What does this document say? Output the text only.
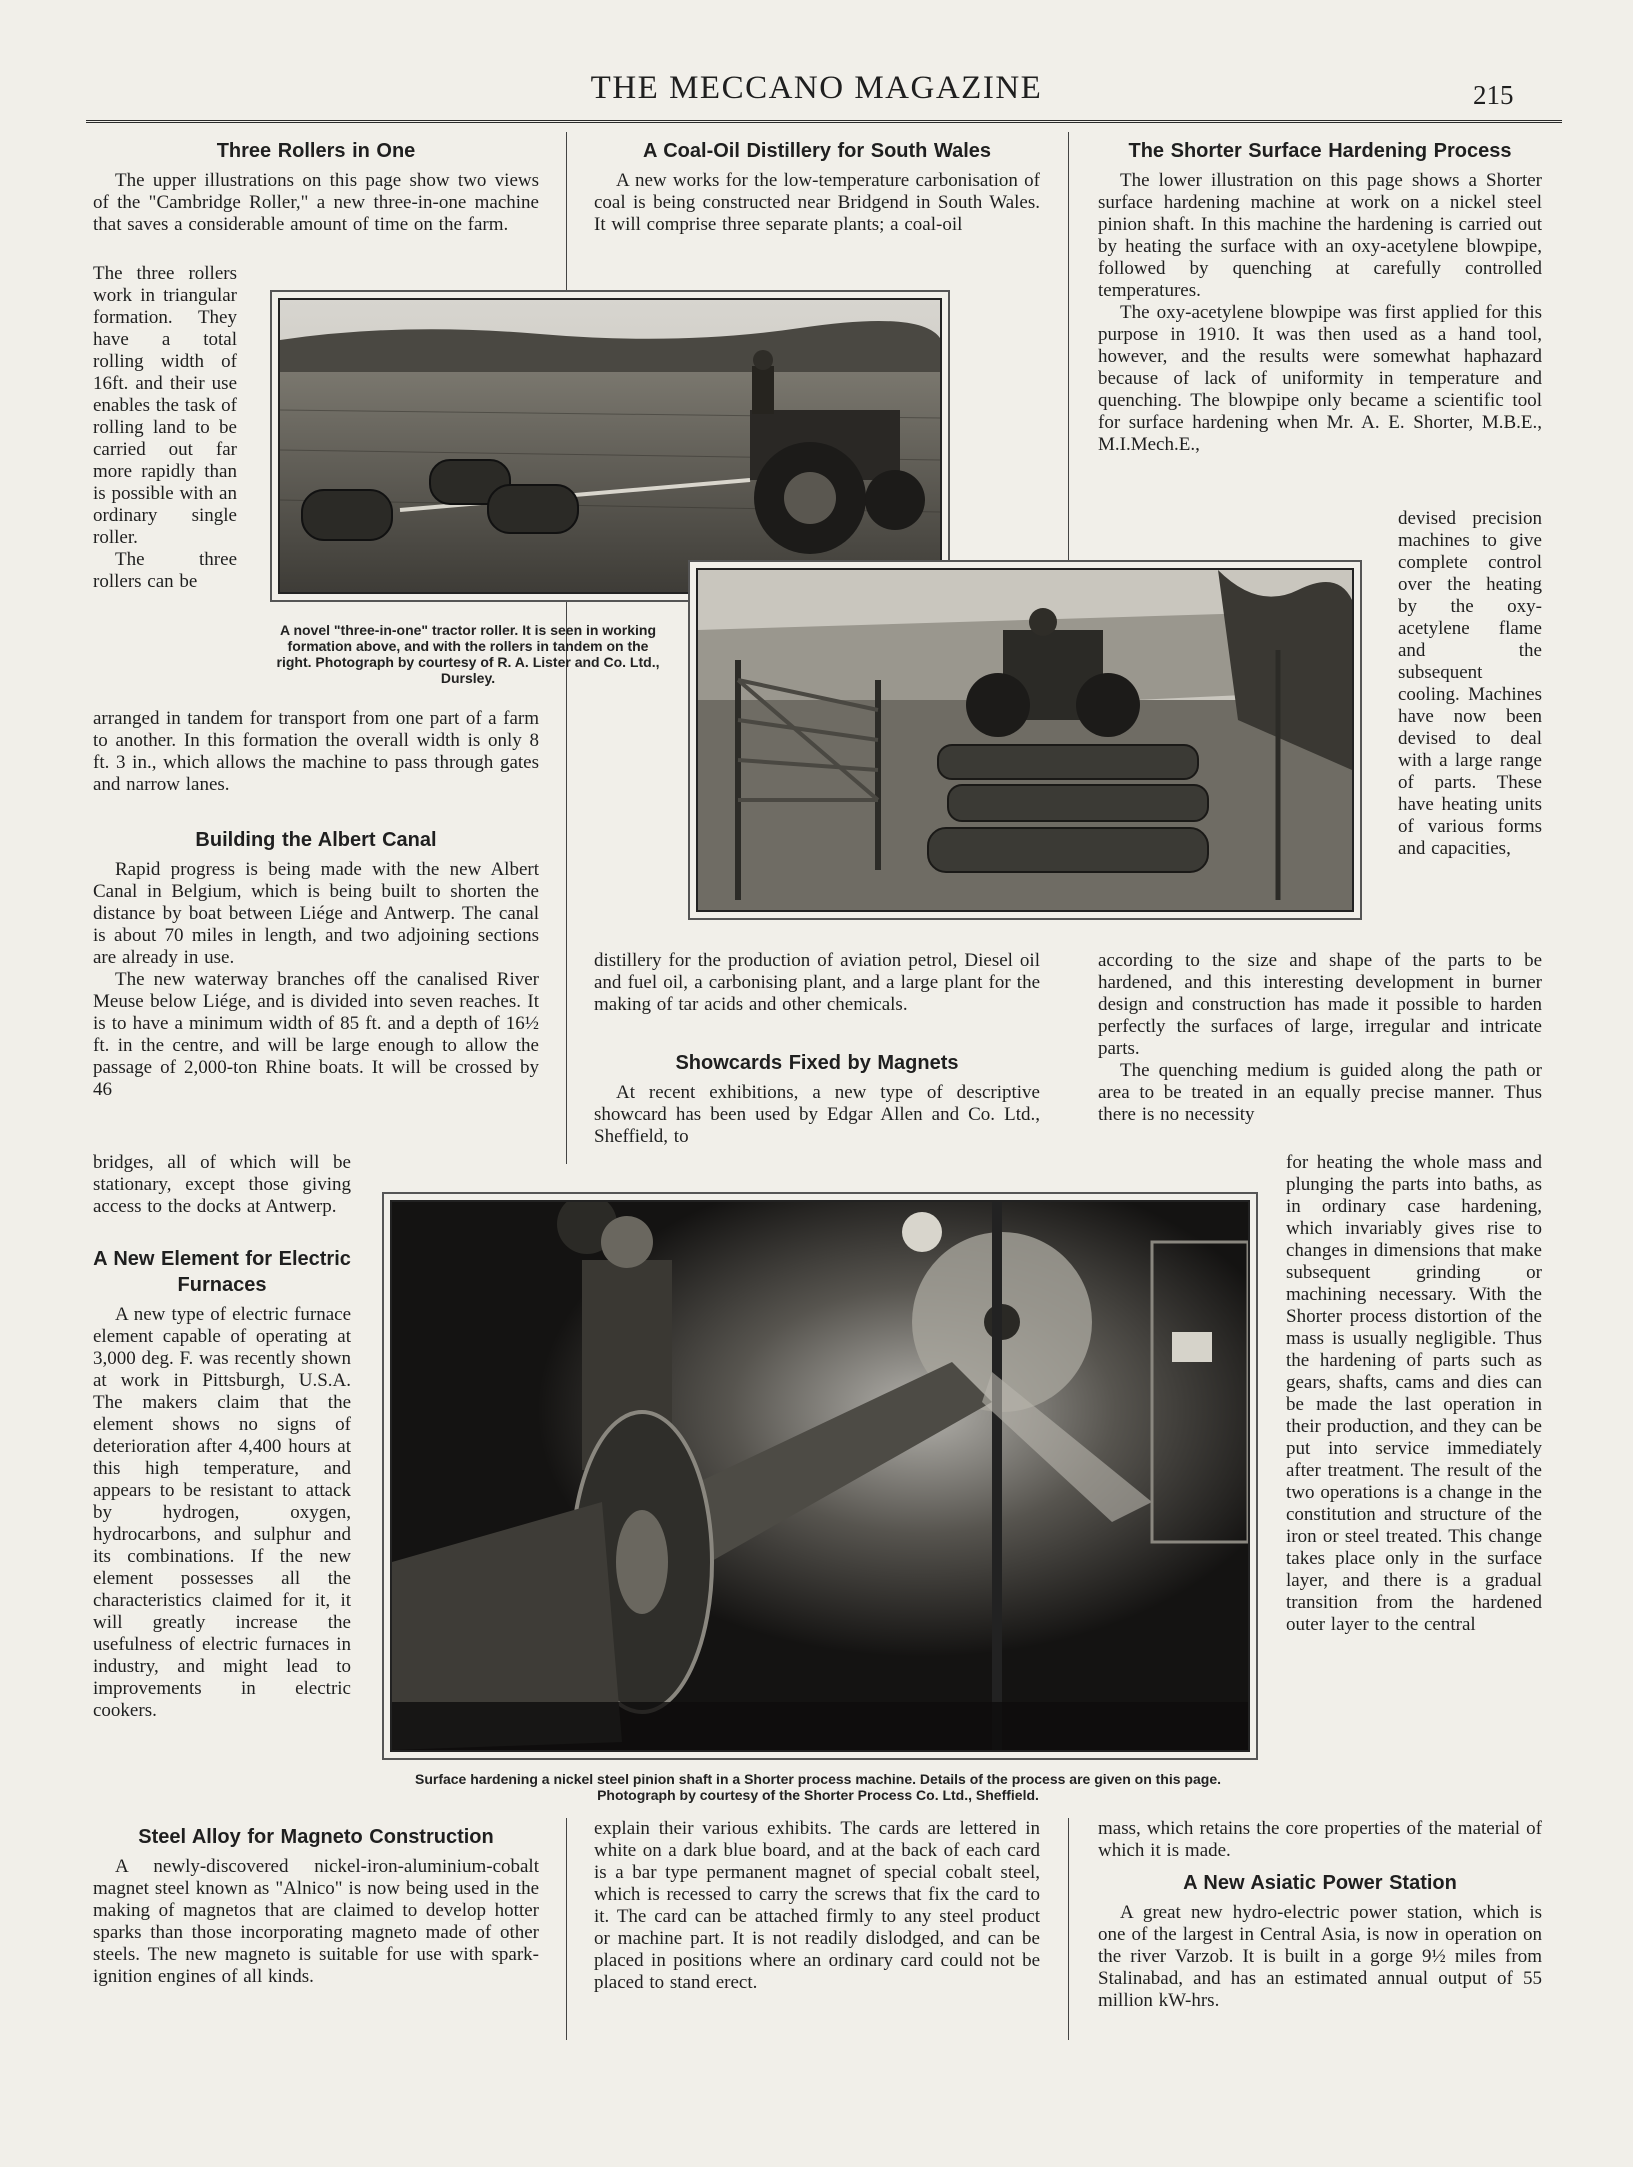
THE MECCANO MAGAZINE	215
Three Rollers in One

The upper illustrations on this page show two views of the "Cambridge Roller," a new three-in-one machine that saves a considerable amount of time on the farm.

The three rollers work in triangular formation. They have a total rolling width of 16ft. and their use enables the task of rolling land to be carried out far more rapidly than is possible with an ordinary single roller.

The three rollers can be

arranged in tandem for transport from one part of a farm to another. In this formation the overall width is only 8 ft. 3 in., which allows the machine to pass through gates and narrow lanes.

Building the Albert Canal

Rapid progress is being made with the new Albert Canal in Belgium, which is being built to shorten the distance by boat between Liége and Antwerp. The canal is about 70 miles in length, and two adjoining sections are already in use.

The new waterway branches off the canalised River Meuse below Liége, and is divided into seven reaches. It is to have a minimum width of 85 ft. and a depth of 16½ ft. in the centre, and will be large enough to allow the passage of 2,000-ton Rhine boats. It will be crossed by 46

bridges, all of which will be stationary, except those giving access to the docks at Antwerp.

A New Element for Electric Furnaces

A new type of electric furnace element capable of operating at 3,000 deg. F. was recently shown at work in Pittsburgh, U.S.A. The makers claim that the element shows no signs of deterioration after 4,400 hours at this high temperature, and appears to be resistant to attack by hydrogen, oxygen, hydrocarbons, and sulphur and its combinations. If the new element possesses all the characteristics claimed for it, it will greatly increase the usefulness of electric furnaces in industry, and might lead to improvements in electric cookers.

Steel Alloy for Magneto Construction

A newly-discovered nickel-iron-aluminium-cobalt magnet steel known as "Alnico" is now being used in the making of magnetos that are claimed to develop hotter sparks than those incorporating magneto made of other steels. The new magneto is suitable for use with spark-ignition engines of all kinds.

A Coal-Oil Distillery for South Wales

A new works for the low-temperature carbonisation of coal is being constructed near Bridgend in South Wales. It will comprise three separate plants; a coal-oil

distillery for the production of aviation petrol, Diesel oil and fuel oil, a carbonising plant, and a large plant for the making of tar acids and other chemicals.

Showcards Fixed by Magnets

At recent exhibitions, a new type of descriptive showcard has been used by Edgar Allen and Co. Ltd., Sheffield, to

explain their various exhibits. The cards are lettered in white on a dark blue board, and at the back of each card is a bar type permanent magnet of special cobalt steel, which is recessed to carry the screws that fix the card to it. The card can be attached firmly to any steel product or machine part. It is not readily dislodged, and can be placed in positions where an ordinary card could not be placed to stand erect.

The Shorter Surface Hardening Process

The lower illustration on this page shows a Shorter surface hardening machine at work on a nickel steel pinion shaft. In this machine the hardening is carried out by heating the surface with an oxy-acetylene blowpipe, followed by quenching at carefully controlled temperatures.

The oxy-acetylene blowpipe was first applied for this purpose in 1910. It was then used as a hand tool, however, and the results were somewhat haphazard because of lack of uniformity in temperature and quenching. The blowpipe only became a scientific tool for surface hardening when Mr. A. E. Shorter, M.B.E., M.I.Mech.E.,

devised precision machines to give complete control over the heating by the oxy-acetylene flame and the subsequent cooling. Machines have now been devised to deal with a large range of parts. These have heating units of various forms and capacities,

according to the size and shape of the parts to be hardened, and this interesting development in burner design and construction has made it possible to harden perfectly the surfaces of large, irregular and intricate parts.

The quenching medium is guided along the path or area to be treated in an equally precise manner. Thus there is no necessity

for heating the whole mass and plunging the parts into baths, as in ordinary case hardening, which invariably gives rise to changes in dimensions that make subsequent grinding or machining necessary. With the Shorter process distortion of the mass is usually negligible. Thus the hardening of parts such as gears, shafts, cams and dies can be made the last operation in their production, and they can be put into service immediately after treatment. The result of the two operations is a change in the constitution and structure of the iron or steel treated. This change takes place only in the surface layer, and there is a gradual transition from the hardened outer layer to the central

mass, which retains the core properties of the material of which it is made.

A New Asiatic Power Station

A great new hydro-electric power station, which is one of the largest in Central Asia, is now in operation on the river Varzob. It is built in a gorge 9½ miles from Stalinabad, and has an estimated annual output of 55 million kW-hrs.

A novel "three-in-one" tractor roller. It is seen in working formation above, and with the rollers in tandem on the right. Photograph by courtesy of R. A. Lister and Co. Ltd., Dursley.
Surface hardening a nickel steel pinion shaft in a Shorter process machine. Details of the process are given on this page. Photograph by courtesy of the Shorter Process Co. Ltd., Sheffield.
